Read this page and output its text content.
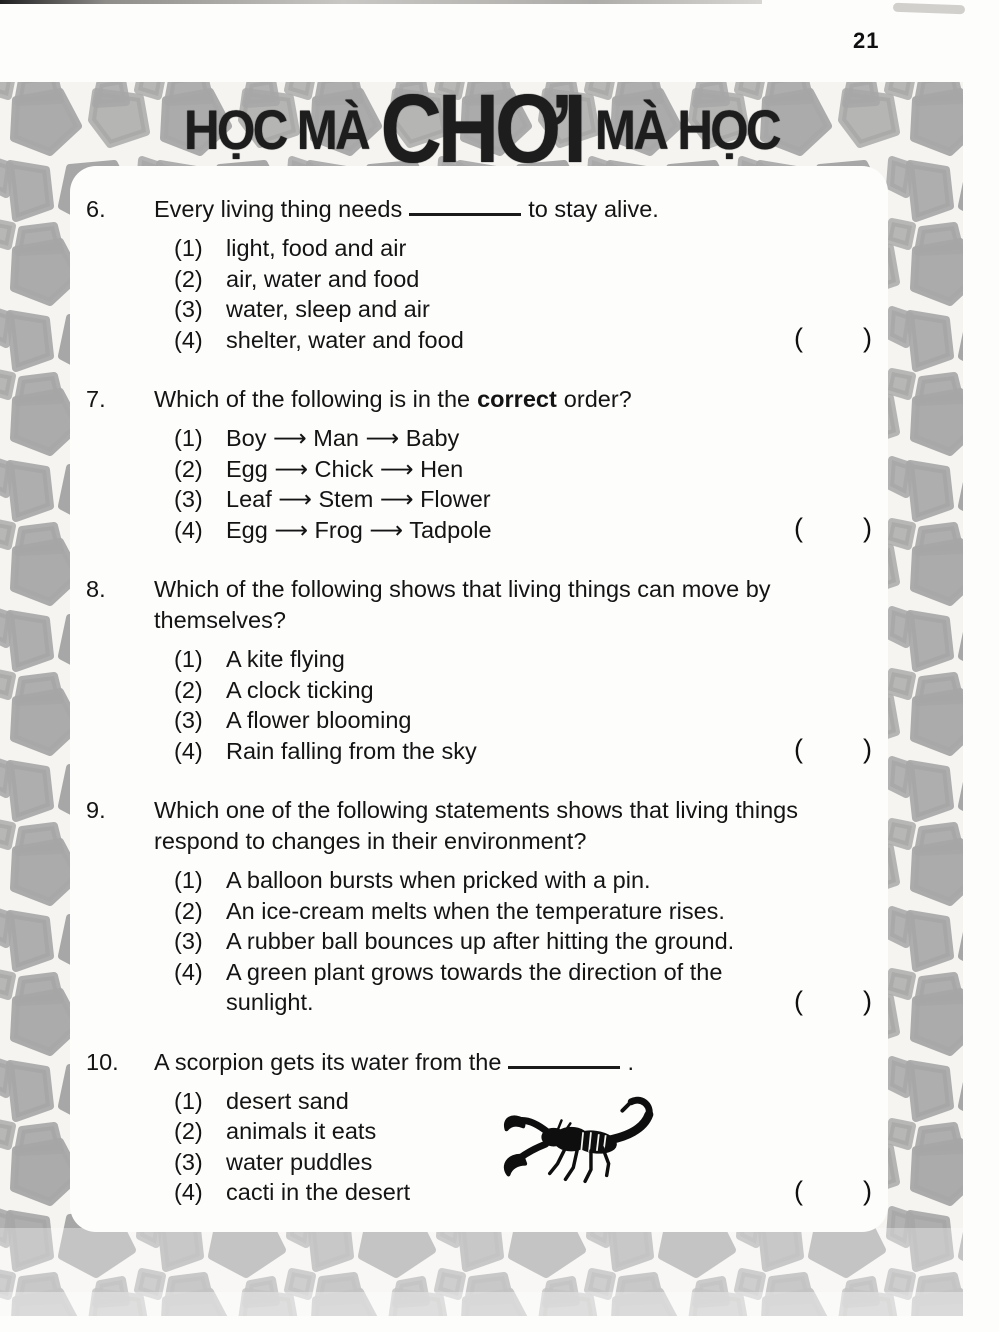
21
6.	Every living thing needs	to stay alive.
(1) light, food and air
(2) air, water and food
(3) water, sleep and air
(4) shelter, water and food	( )
7.	Which of the following is in the correct order?
(1) Boy ⟶ Man ⟶ Baby
(2) Egg ⟶ Chick ⟶ Hen
(3) Leaf ⟶ Stem ⟶ Flower
(4) Egg ⟶ Frog ⟶ Tadpole	( )
8.	Which of the following shows that living things can move by themselves?
(1) A kite flying
(2) A clock ticking
(3) A flower blooming
(4) Rain falling from the sky	( )
9.	Which one of the following statements shows that living things respond to changes in their environment?
(1) A balloon bursts when pricked with a pin.
(2) An ice-cream melts when the temperature rises.
(3) A rubber ball bounces up after hitting the ground.
(4) A green plant grows towards the direction of the
sunlight.	( )
10.	A scorpion gets its water from the	.
(1) desert sand
(2) animals it eats
(3) water puddles
(4) cacti in the desert	( )
HỌC MÀ CHƠI MÀ HỌC
